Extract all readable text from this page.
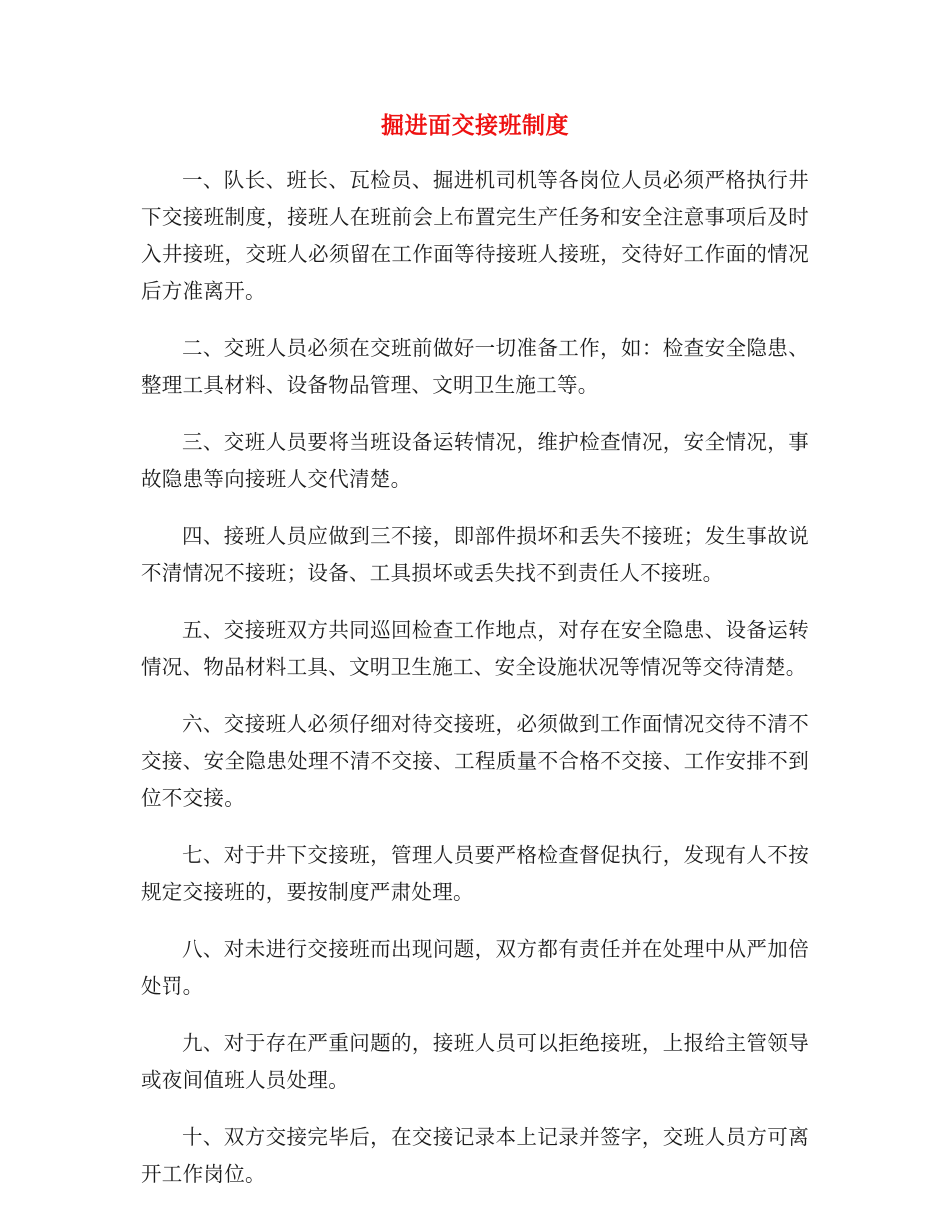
掘进面交接班制度

一、队长、班长、瓦检员、掘进机司机等各岗位人员必须严格执行井下交接班制度，接班人在班前会上布置完生产任务和安全注意事项后及时入井接班，交班人必须留在工作面等待接班人接班，交待好工作面的情况后方准离开。

二、交班人员必须在交班前做好一切准备工作，如：检查安全隐患、整理工具材料、设备物品管理、文明卫生施工等。

三、交班人员要将当班设备运转情况，维护检查情况，安全情况，事故隐患等向接班人交代清楚。

四、接班人员应做到三不接，即部件损坏和丢失不接班；发生事故说不清情况不接班；设备、工具损坏或丢失找不到责任人不接班。

五、交接班双方共同巡回检查工作地点，对存在安全隐患、设备运转情况、物品材料工具、文明卫生施工、安全设施状况等情况等交待清楚。

六、交接班人必须仔细对待交接班，必须做到工作面情况交待不清不交接、安全隐患处理不清不交接、工程质量不合格不交接、工作安排不到位不交接。

七、对于井下交接班，管理人员要严格检查督促执行，发现有人不按规定交接班的，要按制度严肃处理。

八、对未进行交接班而出现问题，双方都有责任并在处理中从严加倍处罚。

九、对于存在严重问题的，接班人员可以拒绝接班，上报给主管领导或夜间值班人员处理。

十、双方交接完毕后，在交接记录本上记录并签字，交班人员方可离开工作岗位。
